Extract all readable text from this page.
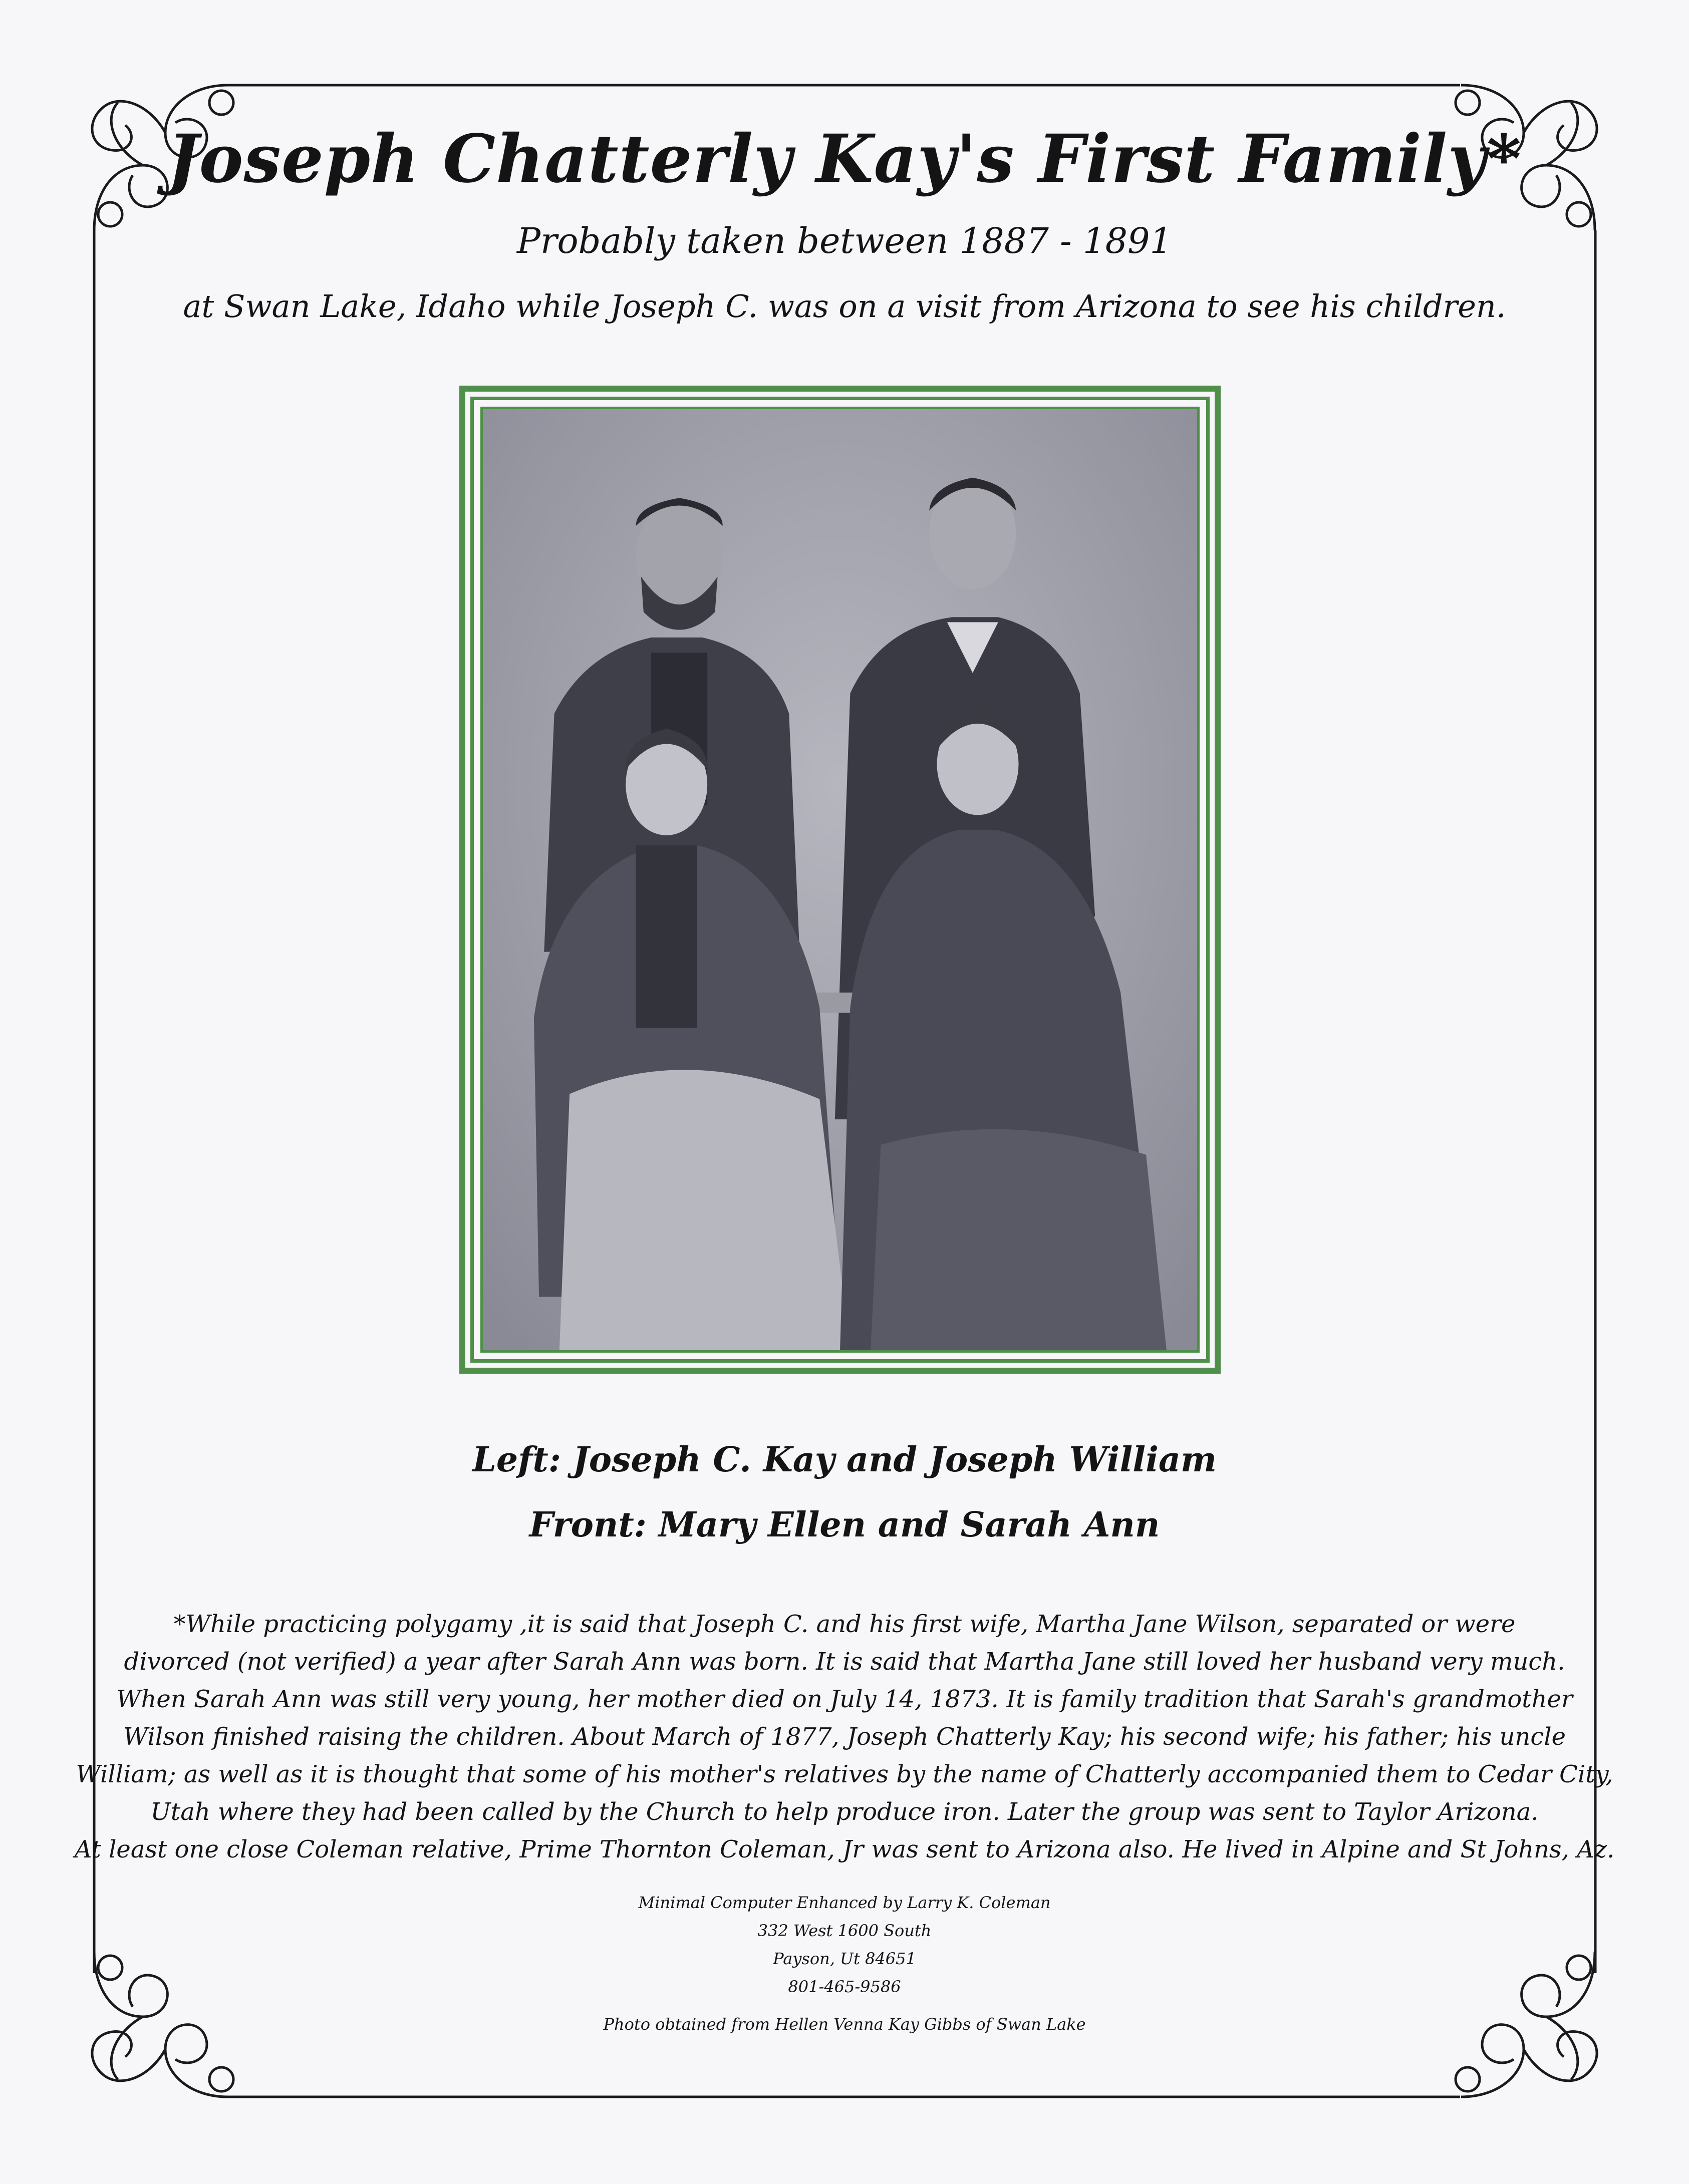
Joseph Chatterly Kay's First Family*
Probably taken between 1887 - 1891
at Swan Lake, Idaho while Joseph C. was on a visit from Arizona to see his children.
Left: Joseph C. Kay and Joseph William
Front: Mary Ellen and Sarah Ann
*While practicing polygamy ,it is said that Joseph C. and his first wife, Martha Jane Wilson, separated or were
divorced (not verified) a year after Sarah Ann was born. It is said that Martha Jane still loved her husband very much.
When Sarah Ann was still very young, her mother died on July 14, 1873. It is family tradition that Sarah's grandmother
Wilson finished raising the children. About March of 1877, Joseph Chatterly Kay; his second wife; his father; his uncle
William; as well as it is thought that some of his mother's relatives by the name of Chatterly accompanied them to Cedar City,
Utah where they had been called by the Church to help produce iron. Later the group was sent to Taylor Arizona.
At least one close Coleman relative, Prime Thornton Coleman, Jr was sent to Arizona also. He lived in Alpine and St Johns, Az.
Minimal Computer Enhanced by Larry K. Coleman
332 West 1600 South
Payson, Ut 84651
801-465-9586
Photo obtained from Hellen Venna Kay Gibbs of Swan Lake
